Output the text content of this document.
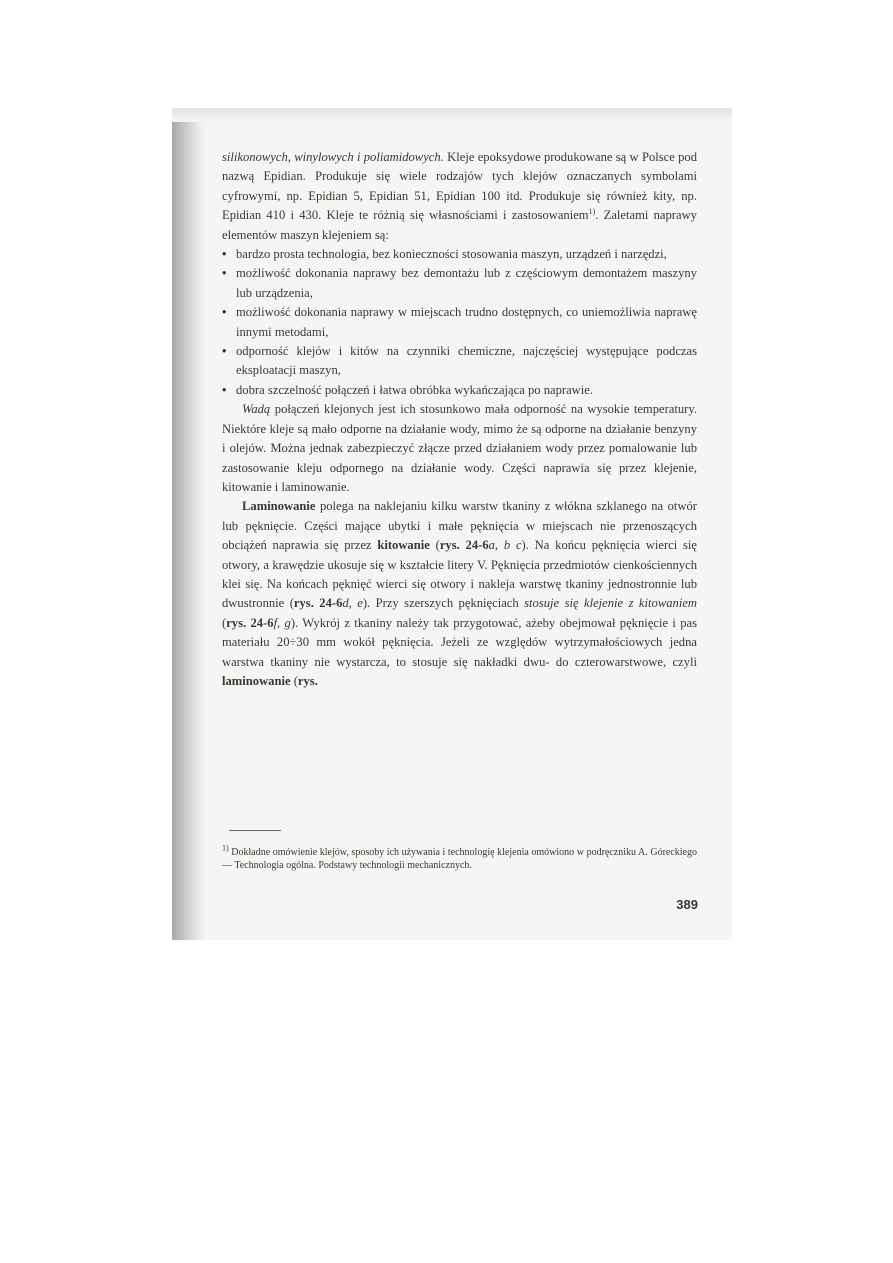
silikonowych, winylowych i poliamidowych. Kleje epoksydowe produkowane są w Polsce pod nazwą Epidian. Produkuje się wiele rodzajów tych klejów oznaczanych symbolami cyfrowymi, np. Epidian 5, Epidian 51, Epidian 100 itd. Produkuje się również kity, np. Epidian 410 i 430. Kleje te różnią się własnościami i zastosowaniem$^{1)}$. Zaletami naprawy elementów maszyn klejeniem są:

• bardzo prosta technologia, bez konieczności stosowania maszyn, urządzeń i narzędzi,
• możliwość dokonania naprawy bez demontażu lub z częściowym demontażem maszyny lub urządzenia,
• możliwość dokonania naprawy w miejscach trudno dostępnych, co uniemożliwia naprawę innymi metodami,
• odporność klejów i kitów na czynniki chemiczne, najczęściej występujące podczas eksploatacji maszyn,
• dobra szczelność połączeń i łatwa obróbka wykańczająca po naprawie.

Wadą połączeń klejonych jest ich stosunkowo mała odporność na wysokie temperatury. Niektóre kleje są mało odporne na działanie wody, mimo że są odporne na działanie benzyny i olejów. Można jednak zabezpieczyć złącze przed działaniem wody przez pomalowanie lub zastosowanie kleju odpornego na działanie wody. Części naprawia się przez klejenie, kitowanie i laminowanie.

Laminowanie polega na naklejaniu kilku warstw tkaniny z włókna szklanego na otwór lub pęknięcie. Części mające ubytki i małe pęknięcia w miejscach nie przenoszących obciążeń naprawia się przez kitowanie (rys. 24-6a, b c). Na końcu pęknięcia wierci się otwory, a krawędzie ukosuje się w kształcie litery V. Pęknięcia przedmiotów cienkościennych klei się. Na końcach pęknięć wierci się otwory i nakleja warstwę tkaniny jednostronnie lub dwustronnie (rys. 24-6d, e). Przy szerszych pęknięciach stosuje się klejenie z kitowaniem (rys. 24-6f, g). Wykrój z tkaniny należy tak przygotować, ażeby obejmował pęknięcie i pas materiału 20÷30 mm wokół pęknięcia. Jeżeli ze względów wytrzymałościowych jedna warstwa tkaniny nie wystarcza, to stosuje się nakładki dwu- do czterowarstwowe, czyli laminowanie (rys.

$^{1)}$ Dokładne omówienie klejów, sposoby ich używania i technologię klejenia omówiono w podręczniku A. Góreckiego — Technologia ogólna. Podstawy technologii mechanicznych.

389
